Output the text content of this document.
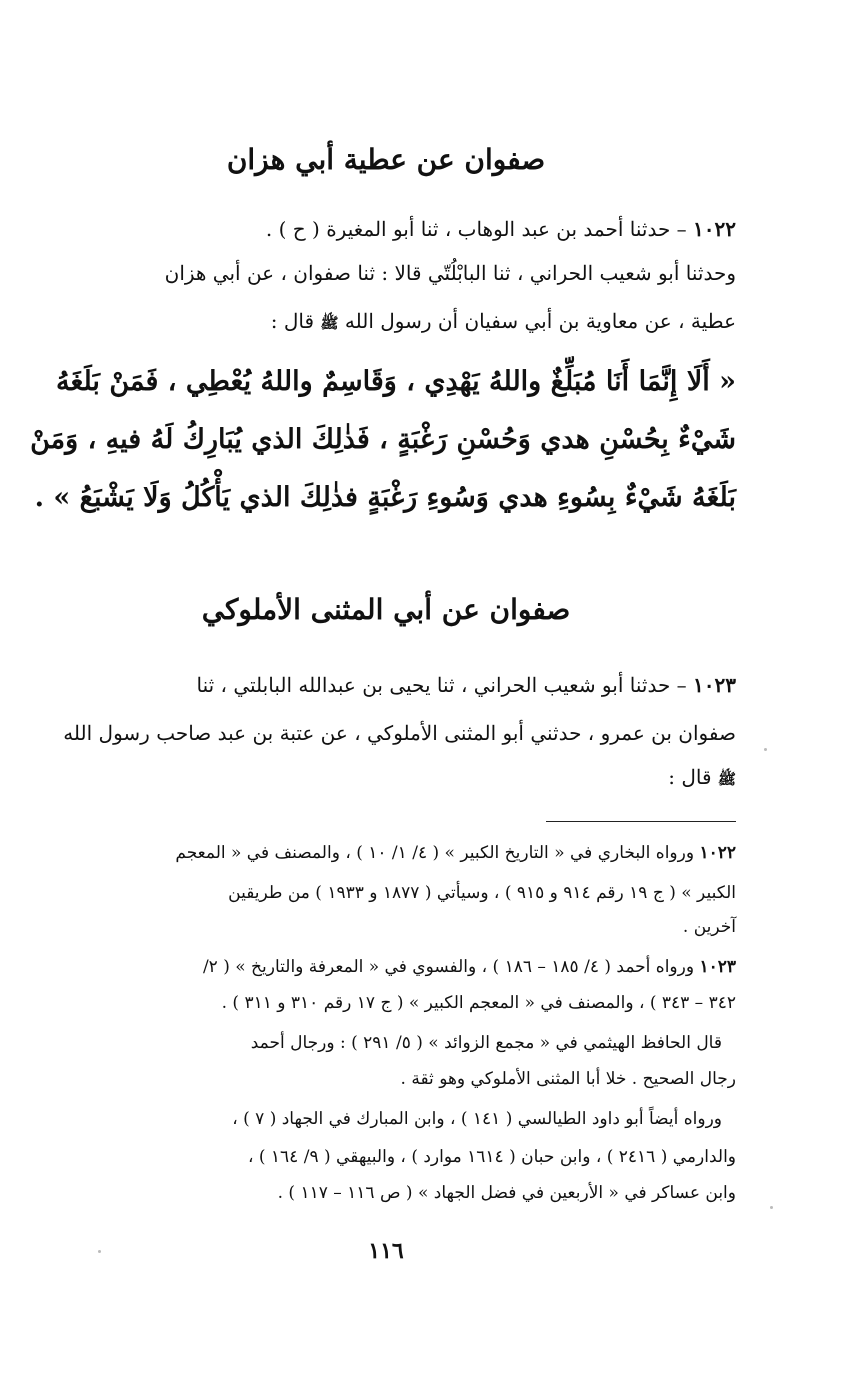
صفوان عن عطية أبي هزان
١٠٢٢ – حدثنا أحمد بن عبد الوهاب ، ثنا أبو المغيرة ( ح ) .
وحدثنا أبو شعيب الحراني ، ثنا البابْلُتّي قالا : ثنا صفوان ، عن أبي هزان
عطية ، عن معاوية بن أبي سفيان أن رسول الله ﷺ قال :
« أَلَا إِنَّمَا أَنَا مُبَلِّغٌ واللهُ يَهْدِي ، وَقَاسِمٌ واللهُ يُعْطِي ، فَمَنْ بَلَغَهُ
شَيْءٌ بِحُسْنِ هدي وَحُسْنِ رَغْبَةٍ ، فَذٰلِكَ الذي يُبَارِكُ لَهُ فيهِ ، وَمَنْ
بَلَغَهُ شَيْءٌ بِسُوءِ هدي وَسُوءِ رَغْبَةٍ فذٰلِكَ الذي يَأْكُلُ وَلَا يَشْبَعُ » .
صفوان عن أبي المثنى الأملوكي
١٠٢٣ – حدثنا أبو شعيب الحراني ، ثنا يحيى بن عبدالله البابلتي ، ثنا
صفوان بن عمرو ، حدثني أبو المثنى الأملوكي ، عن عتبة بن عبد صاحب رسول الله
ﷺ قال :
١٠٢٢ ورواه البخاري في « التاريخ الكبير » ( ٤/ ١/ ١٠ ) ، والمصنف في « المعجم
الكبير » ( ج ١٩ رقم ٩١٤ و ٩١٥ ) ، وسيأتي ( ١٨٧٧ و ١٩٣٣ ) من طريقين
آخرين .
١٠٢٣ ورواه أحمد ( ٤/ ١٨٥ – ١٨٦ ) ، والفسوي في « المعرفة والتاريخ » ( ٢/
٣٤٢ – ٣٤٣ ) ، والمصنف في « المعجم الكبير » ( ج ١٧ رقم ٣١٠ و ٣١١ ) .
قال الحافظ الهيثمي في « مجمع الزوائد » ( ٥/ ٢٩١ ) : ورجال أحمد
رجال الصحيح . خلا أبا المثنى الأملوكي وهو ثقة .
ورواه أيضاً أبو داود الطيالسي ( ١٤١ ) ، وابن المبارك في الجهاد ( ٧ ) ،
والدارمي ( ٢٤١٦ ) ، وابن حبان ( ١٦١٤ موارد ) ، والبيهقي ( ٩/ ١٦٤ ) ،
وابن عساكر في « الأربعين في فضل الجهاد » ( ص ١١٦ – ١١٧ ) .
١١٦
